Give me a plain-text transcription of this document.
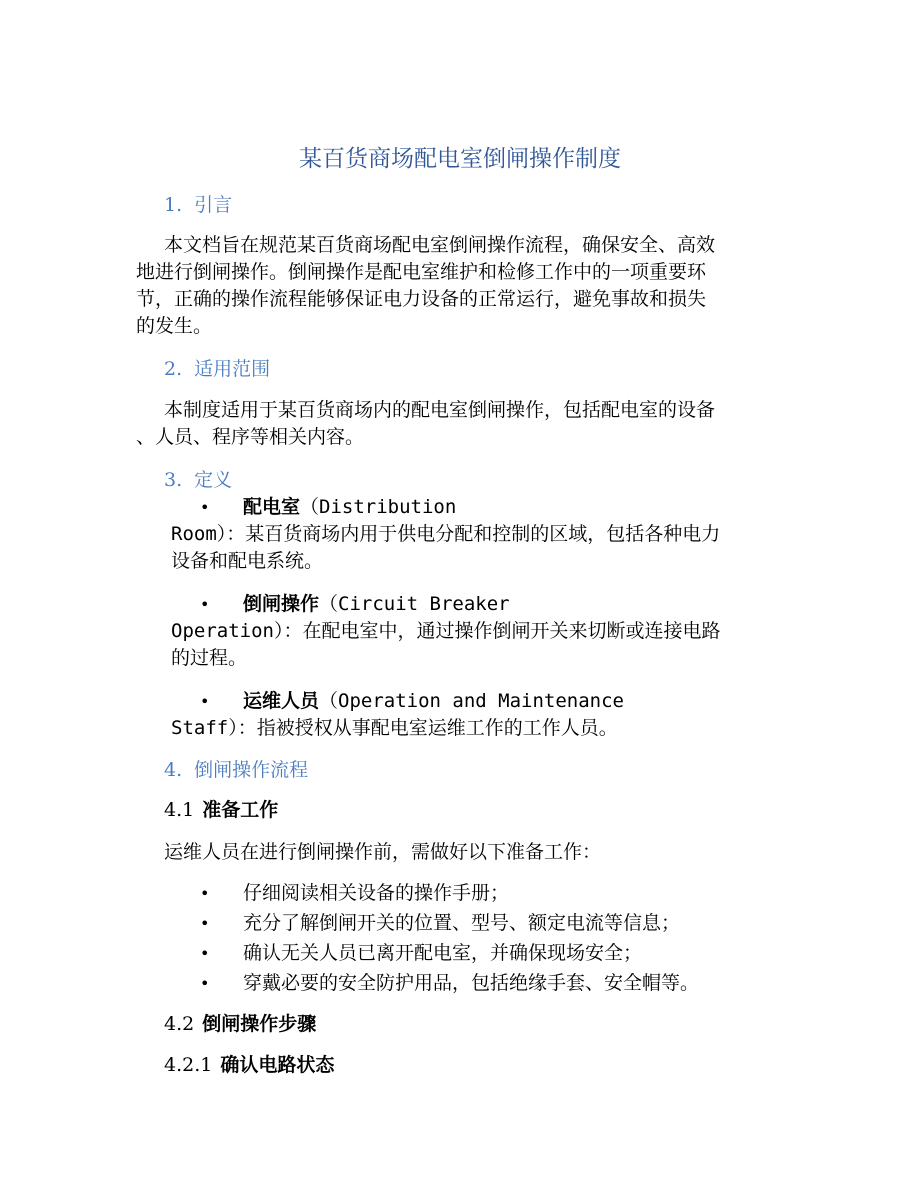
某百货商场配电室倒闸操作制度
1. 引言
本文档旨在规范某百货商场配电室倒闸操作流程，确保安全、高效
地进行倒闸操作。倒闸操作是配电室维护和检修工作中的一项重要环
节，正确的操作流程能够保证电力设备的正常运行，避免事故和损失
的发生。
2. 适用范围
本制度适用于某百货商场内的配电室倒闸操作，包括配电室的设备
、人员、程序等相关内容。
3. 定义
• 配电室（Distribution
Room）：某百货商场内用于供电分配和控制的区域，包括各种电力
设备和配电系统。
• 倒闸操作（Circuit Breaker
Operation）：在配电室中，通过操作倒闸开关来切断或连接电路
的过程。
• 运维人员（Operation and Maintenance
Staff）：指被授权从事配电室运维工作的工作人员。
4. 倒闸操作流程
4.1 准备工作
运维人员在进行倒闸操作前，需做好以下准备工作：
• 仔细阅读相关设备的操作手册；
• 充分了解倒闸开关的位置、型号、额定电流等信息；
• 确认无关人员已离开配电室，并确保现场安全；
• 穿戴必要的安全防护用品，包括绝缘手套、安全帽等。
4.2 倒闸操作步骤
4.2.1 确认电路状态
